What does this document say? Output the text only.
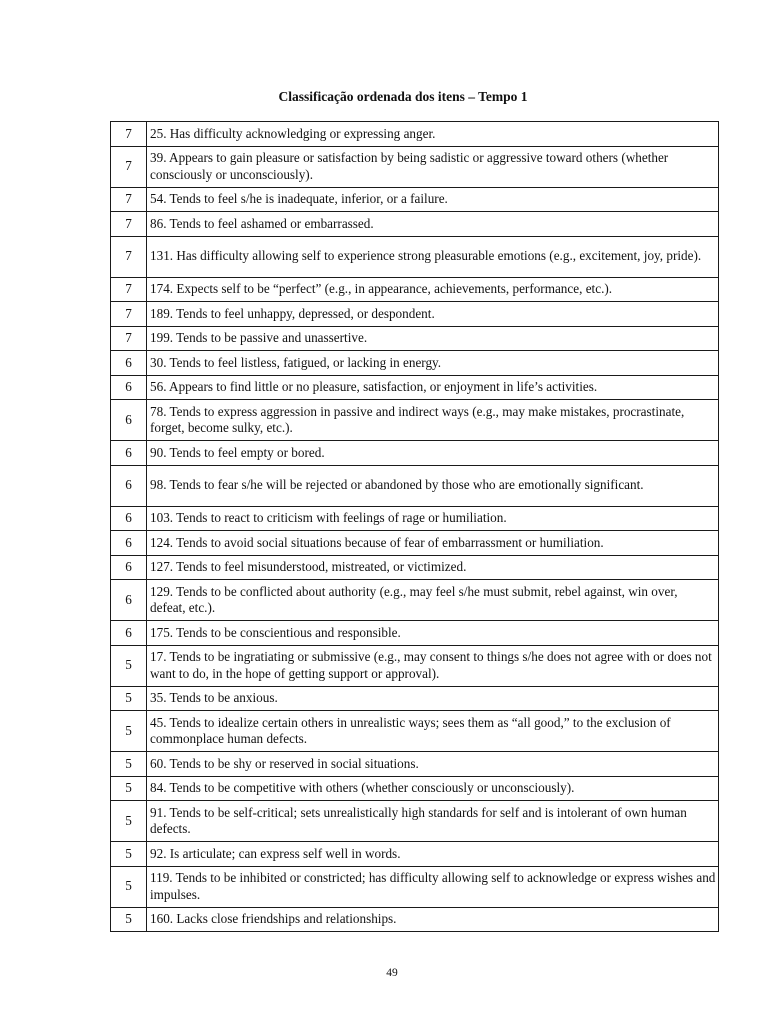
Classificação ordenada dos itens – Tempo 1
7	25. Has difficulty acknowledging or expressing anger.
7	39. Appears to gain pleasure or satisfaction by being sadistic or aggressive toward others (whether consciously or unconsciously).
7	54. Tends to feel s/he is inadequate, inferior, or a failure.
7	86. Tends to feel ashamed or embarrassed.
7	131. Has difficulty allowing self to experience strong pleasurable emotions (e.g., excitement, joy, pride).
7	174. Expects self to be “perfect” (e.g., in appearance, achievements, performance, etc.).
7	189. Tends to feel unhappy, depressed, or despondent.
7	199. Tends to be passive and unassertive.
6	30. Tends to feel listless, fatigued, or lacking in energy.
6	56. Appears to find little or no pleasure, satisfaction, or enjoyment in life’s activities.
6	78. Tends to express aggression in passive and indirect ways (e.g., may make mistakes, procrastinate, forget, become sulky, etc.).
6	90. Tends to feel empty or bored.
6	98. Tends to fear s/he will be rejected or abandoned by those who are emotionally significant.
6	103. Tends to react to criticism with feelings of rage or humiliation.
6	124. Tends to avoid social situations because of fear of embarrassment or humiliation.
6	127. Tends to feel misunderstood, mistreated, or victimized.
6	129. Tends to be conflicted about authority (e.g., may feel s/he must submit, rebel against, win over, defeat, etc.).
6	175. Tends to be conscientious and responsible.
5	17. Tends to be ingratiating or submissive (e.g., may consent to things s/he does not agree with or does not want to do, in the hope of getting support or approval).
5	35. Tends to be anxious.
5	45. Tends to idealize certain others in unrealistic ways; sees them as “all good,” to the exclusion of commonplace human defects.
5	60. Tends to be shy or reserved in social situations.
5	84. Tends to be competitive with others (whether consciously or unconsciously).
5	91. Tends to be self-critical; sets unrealistically high standards for self and is intolerant of own human defects.
5	92. Is articulate; can express self well in words.
5	119. Tends to be inhibited or constricted; has difficulty allowing self to acknowledge or express wishes and impulses.
5	160. Lacks close friendships and relationships.
49
